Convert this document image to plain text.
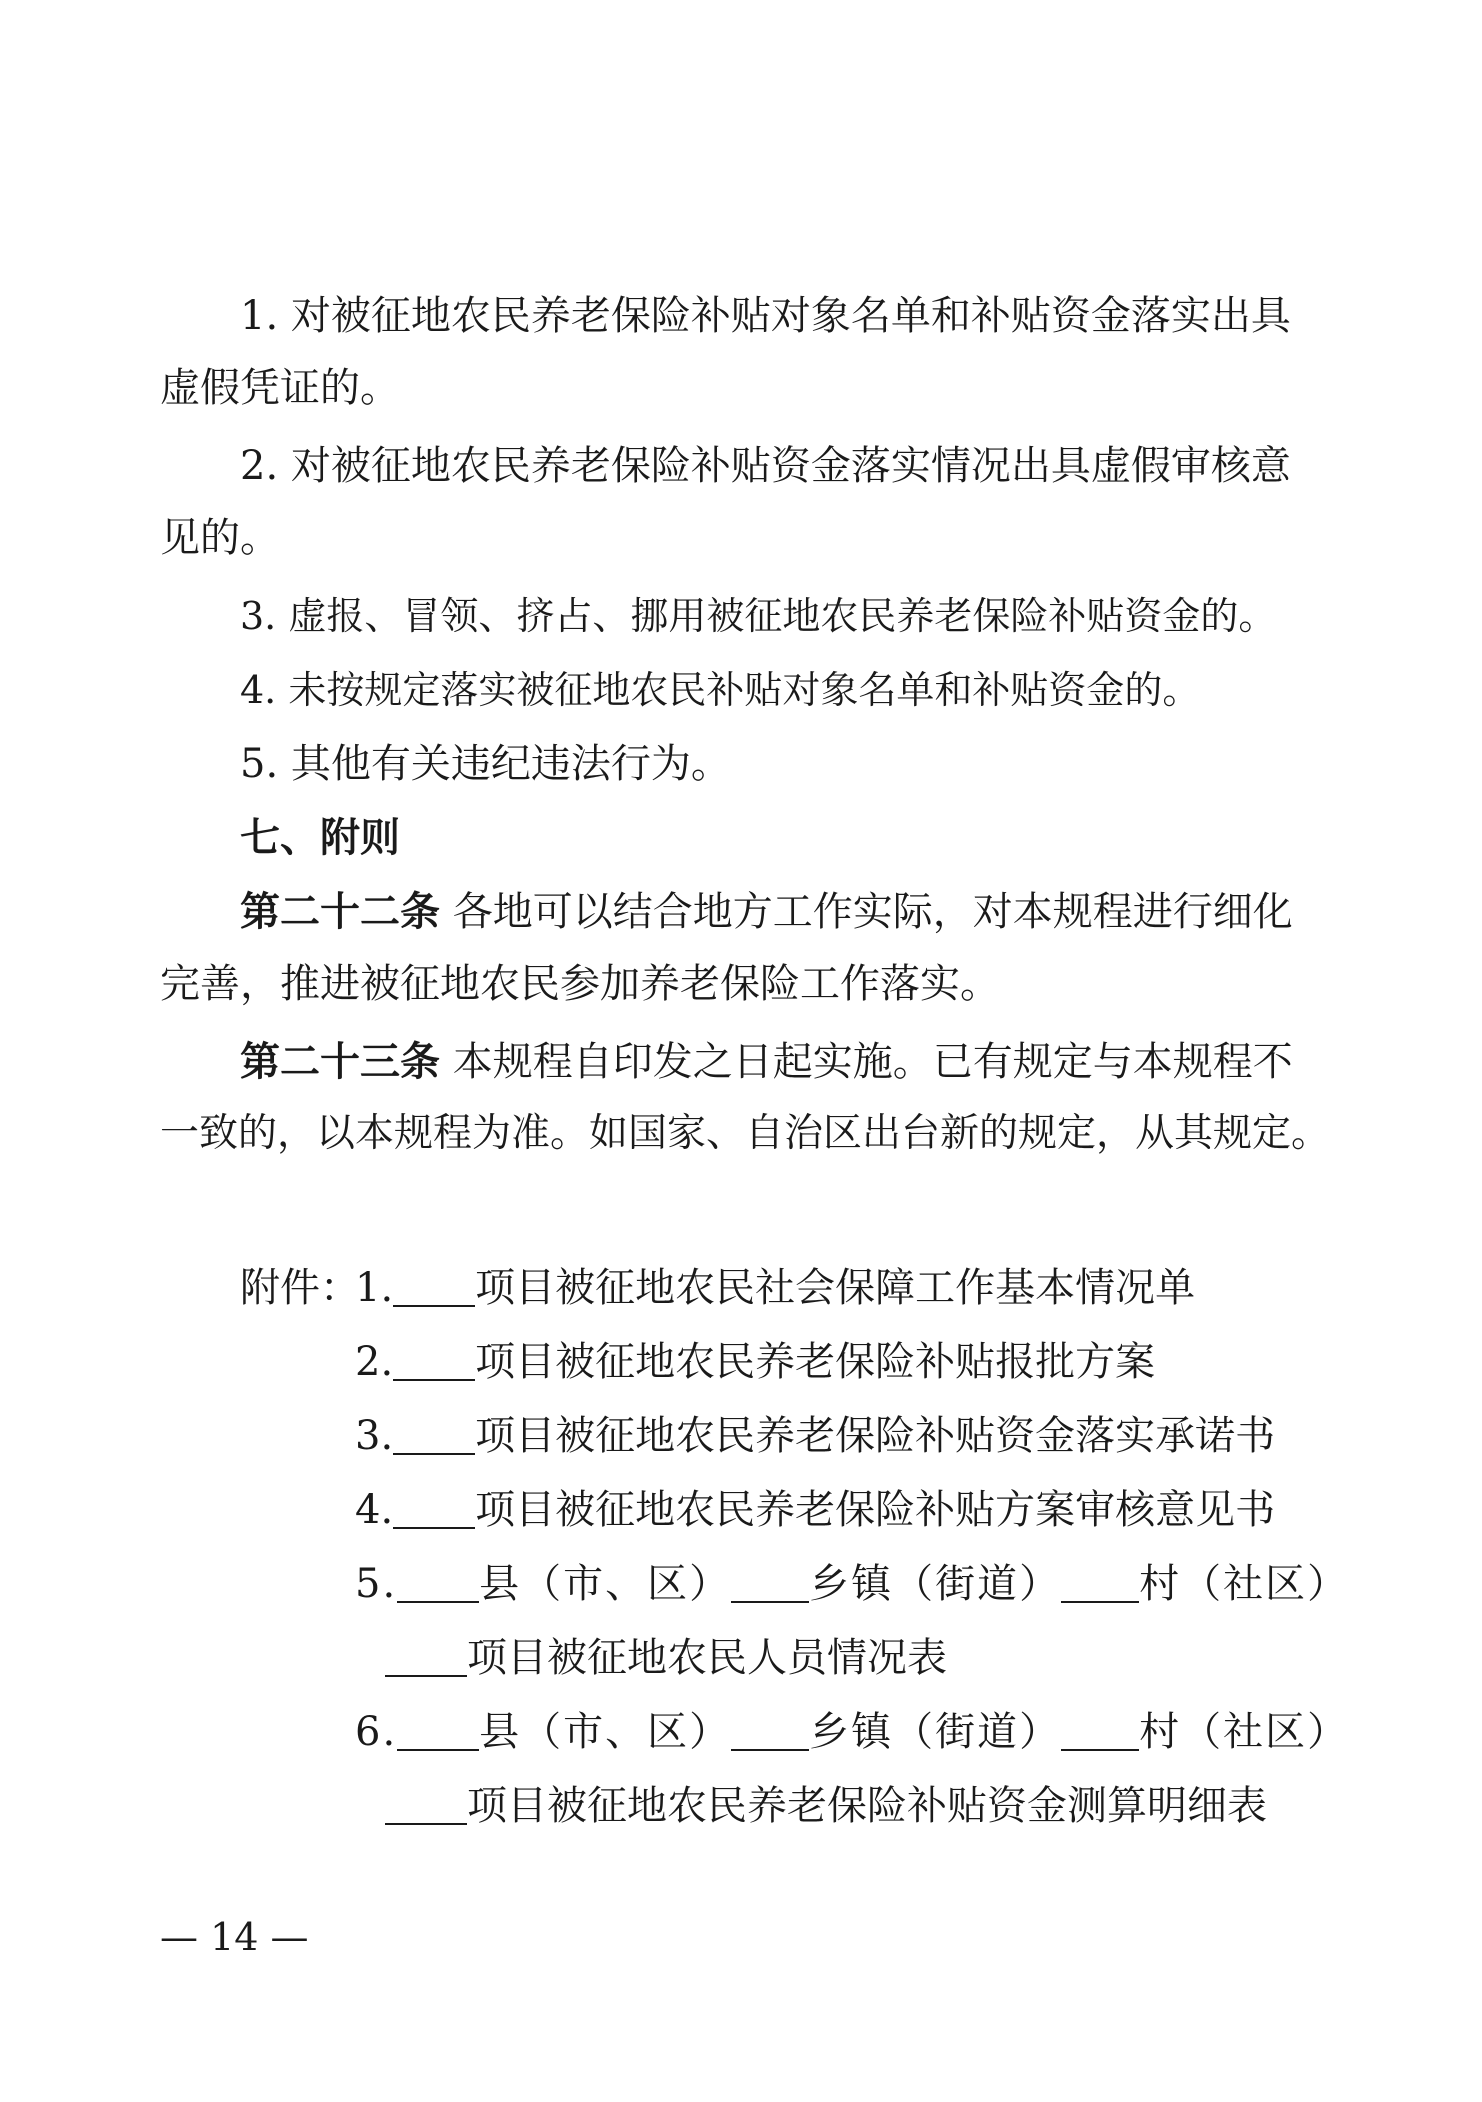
1. 对被征地农民养老保险补贴对象名单和补贴资金落实出具
虚假凭证的。
2. 对被征地农民养老保险补贴资金落实情况出具虚假审核意
见的。
3. 虚报、冒领、挤占、挪用被征地农民养老保险补贴资金的。
4. 未按规定落实被征地农民补贴对象名单和补贴资金的。
5. 其他有关违纪违法行为。
七、附则
第二十二条 各地可以结合地方工作实际，对本规程进行细化
完善，推进被征地农民参加养老保险工作落实。
第二十三条 本规程自印发之日起实施。已有规定与本规程不
一致的，以本规程为准。如国家、自治区出台新的规定，从其规定。
附件：
1. 项目被征地农民社会保障工作基本情况单
2. 项目被征地农民养老保险补贴报批方案
3. 项目被征地农民养老保险补贴资金落实承诺书
4. 项目被征地农民养老保险补贴方案审核意见书
5. 县（市、区） 乡镇（街道） 村（社区）
项目被征地农民人员情况表
6. 县（市、区） 乡镇（街道） 村（社区）
项目被征地农民养老保险补贴资金测算明细表
— 14 —
